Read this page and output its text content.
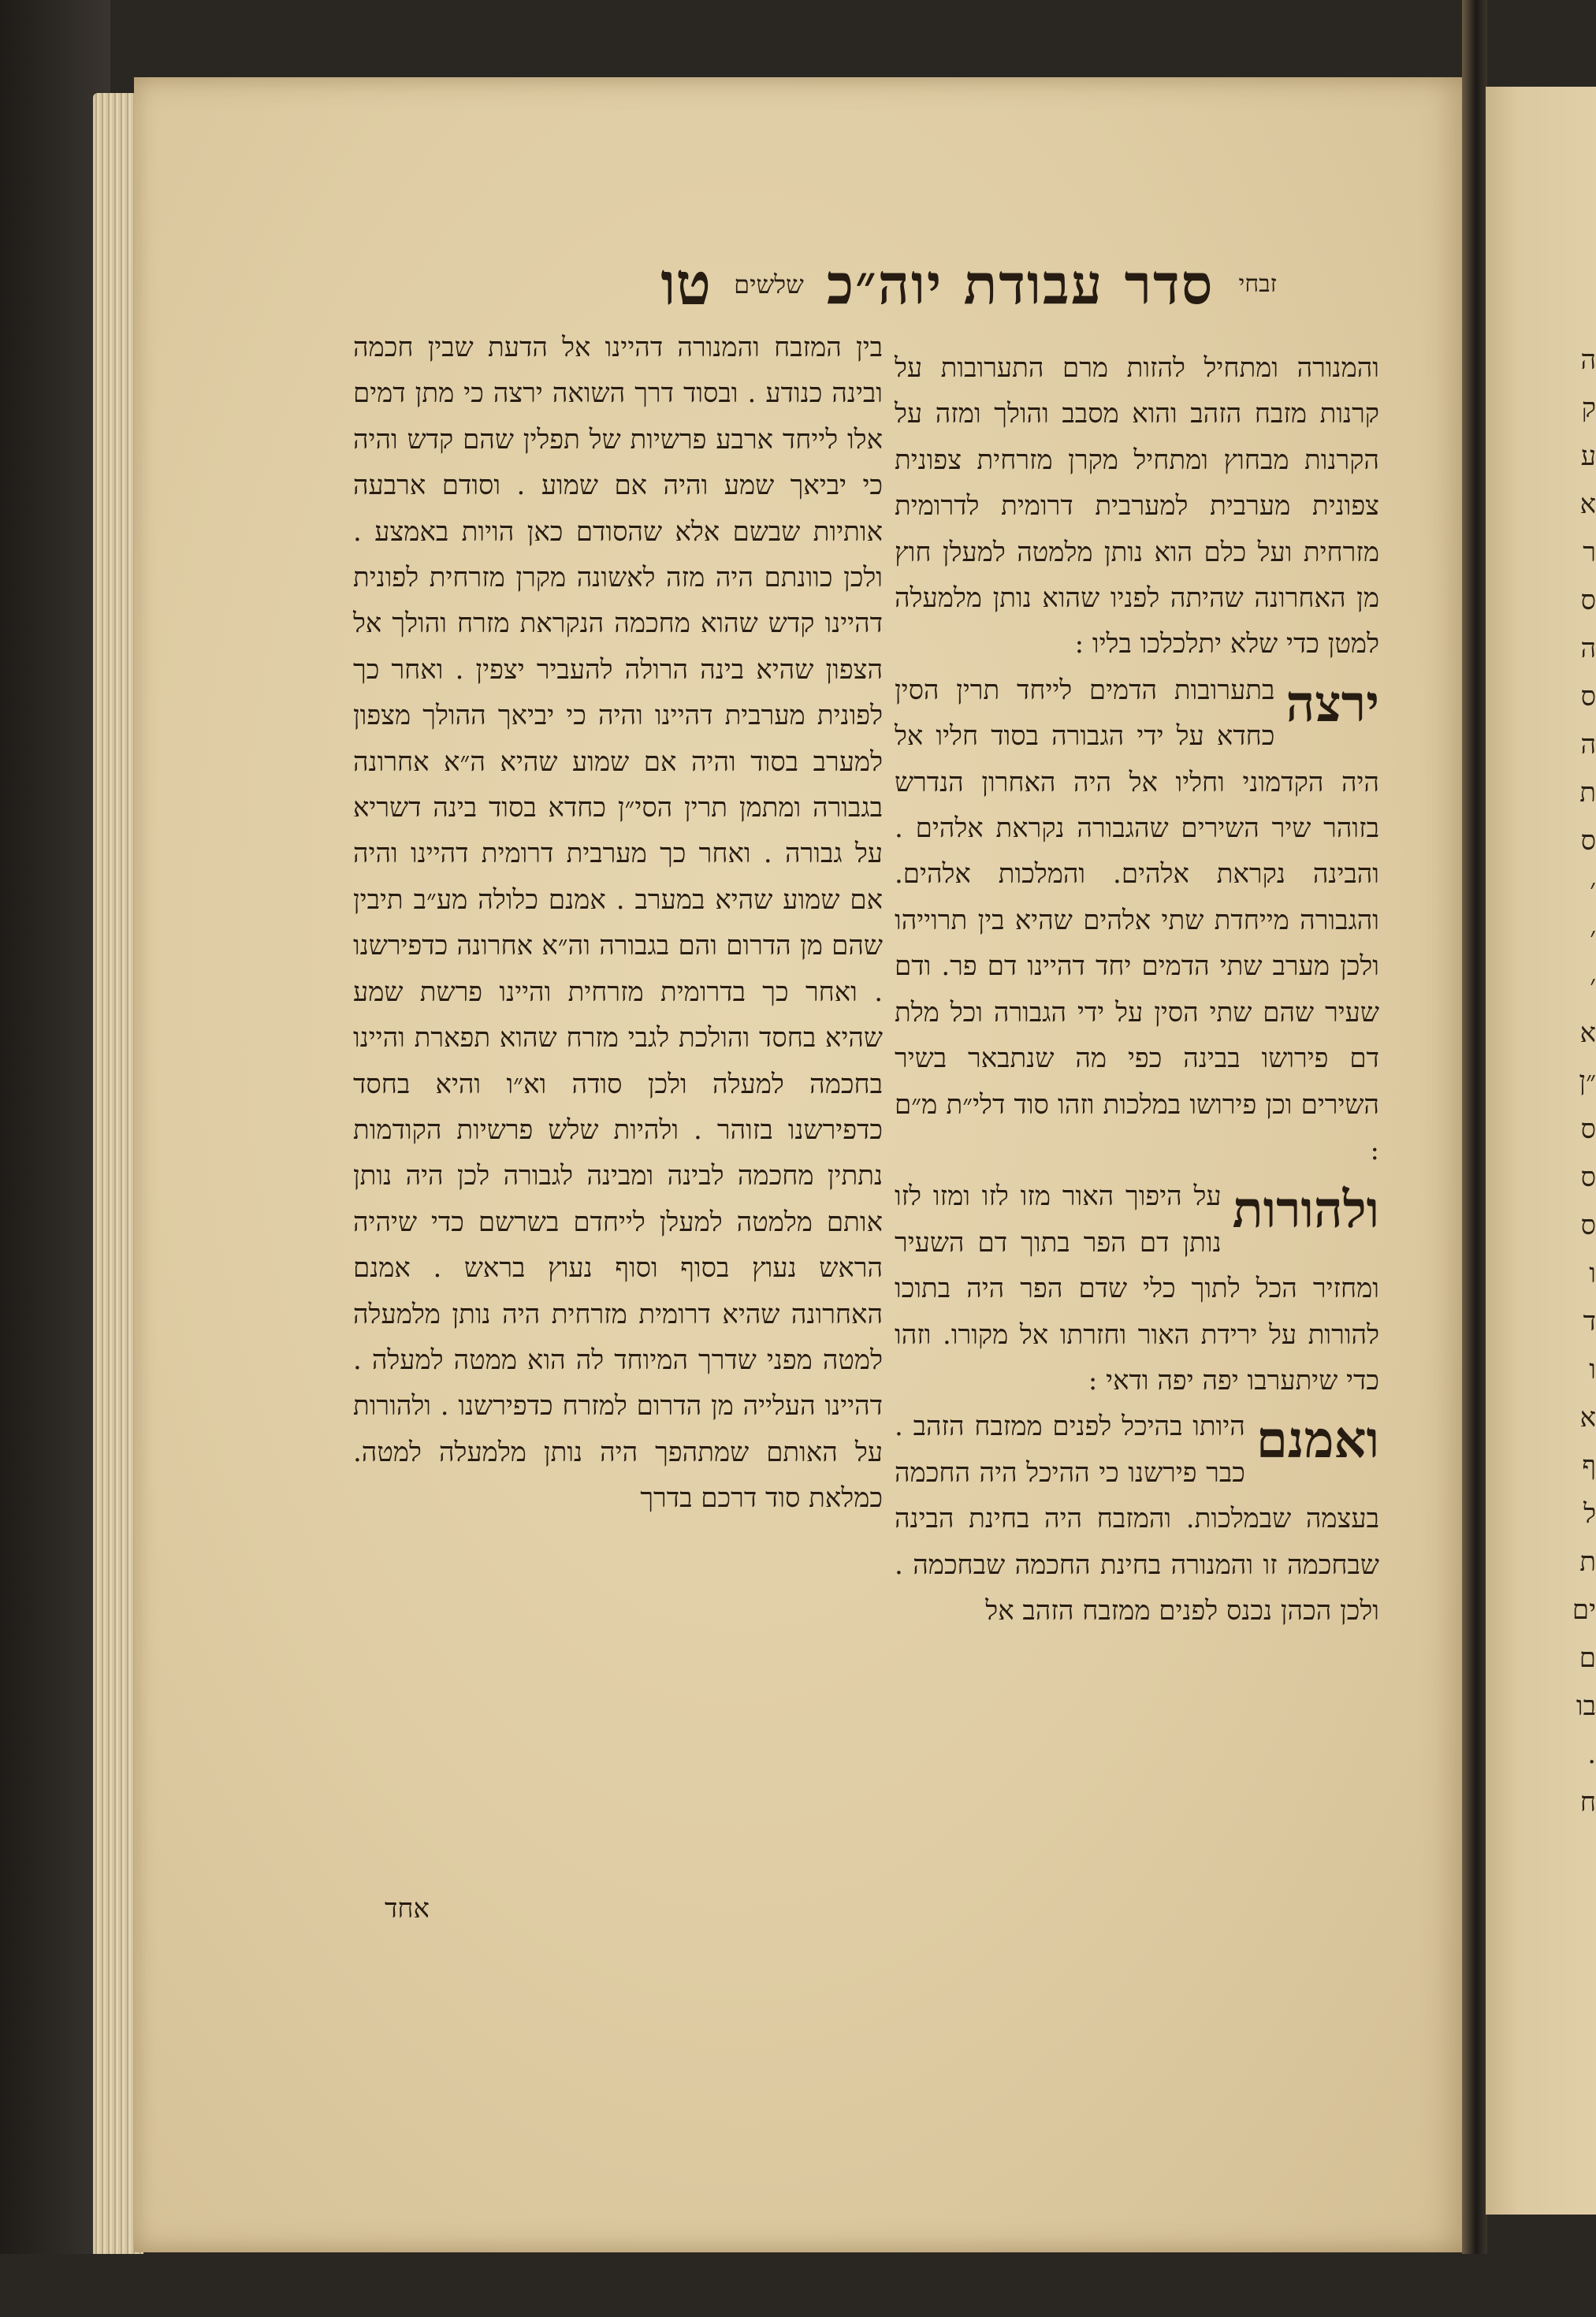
ה
ק
ע
א
ר
ס
ה
ס
ה
ת
ס
׳
׳
׳
א
״ן
ס
ס
ס
ו
ד
ו
א
ף
ל
ת
ים
ם
בו
.
ח
זבחי סדר עבודת יוה״כ שלשים טו

והמנורה ומתחיל להזות מרם התערובות על קרנות מזבח הזהב והוא מסבב והולך ומזה על הקרנות מבחוץ ומתחיל מקרן מזרחית צפונית צפונית מערבית למערבית דרומית לדרומית מזרחית ועל כלם הוא נותן מלמטה למעלן חוץ מן האחרונה שהיתה לפניו שהוא נותן מלמעלה למטן כדי שלא יתלכלכו בליו :

ירצה
בתערובות הדמים לייחד תרין הסין כחדא על ידי הגבורה בסוד חליו אל היה הקדמוני וחליו אל היה האחרון הנדרש בזוהר שיר השירים שהגבורה נקראת אלהים . והבינה נקראת אלהים. והמלכות אלהים. והגבורה מייחדת שתי אלהים שהיא בין תרוייהו ולכן מערב שתי הדמים יחד דהיינו דם פר. ודם שעיר שהם שתי הסין על ידי הגבורה וכל מלת דם פירושו בבינה כפי מה שנתבאר בשיר השירים וכן פירושו במלכות וזהו סוד דלי״ת מ״ם :

ולהורות
על היפוך האור מזו לזו ומזו לזו נותן דם הפר בתוך דם השעיר ומחזיר הכל לתוך כלי שדם הפר היה בתוכו להורות על ירידת האור וחזרתו אל מקורו. וזהו כדי שיתערבו יפה יפה ודאי :

ואמנם
היותו בהיכל לפנים ממזבח הזהב . כבר פירשנו כי ההיכל היה החכמה בעצמה שבמלכות. והמזבח היה בחינת הבינה שבחכמה זו והמנורה בחינת החכמה שבחכמה . ולכן הכהן נכנס לפנים ממזבח הזהב אל

בין המזבח והמנורה דהיינו אל הדעת שבין חכמה ובינה כנודע . ובסוד דרך השואה ירצה כי מתן דמים אלו לייחד ארבע פרשיות של תפלין שהם קדש והיה כי יביאך שמע והיה אם שמוע . וסודם ארבעה אותיות שבשם אלא שהסודם כאן הויות באמצע . ולכן כוונתם היה מזה לאשונה מקרן מזרחית לפונית דהיינו קדש שהוא מחכמה הנקראת מזרח והולך אל הצפון שהיא בינה הרולה להעביר יצפין . ואחר כך לפונית מערבית דהיינו והיה כי יביאך ההולך מצפון למערב בסוד והיה אם שמוע שהיא ה״א אחרונה בגבורה ומתמן תרין הסי״ן כחדא בסוד בינה דשריא על גבורה . ואחר כך מערבית דרומית דהיינו והיה אם שמוע שהיא במערב . אמנם כלולה מע״ב תיבין שהם מן הדרום והם בגבורה וה״א אחרונה כדפירשנו . ואחר כך בדרומית מזרחית והיינו פרשת שמע שהיא בחסד והולכת לגבי מזרח שהוא תפארת והיינו בחכמה למעלה ולכן סודה וא״ו והיא בחסד כדפירשנו בזוהר . ולהיות שלש פרשיות הקודמות נתתין מחכמה לבינה ומבינה לגבורה לכן היה נותן אותם מלמטה למעלן לייחדם בשרשם כדי שיהיה הראש נעוץ בסוף וסוף נעוץ בראש . אמנם האחרונה שהיא דרומית מזרחית היה נותן מלמעלה למטה מפני שדרך המיוחד לה הוא ממטה למעלה . דהיינו העלייה מן הדרום למזרח כדפירשנו . ולהורות על האותם שמתהפך היה נותן מלמעלה למטה. כמלאת סוד דרכם בדרך

אחד
